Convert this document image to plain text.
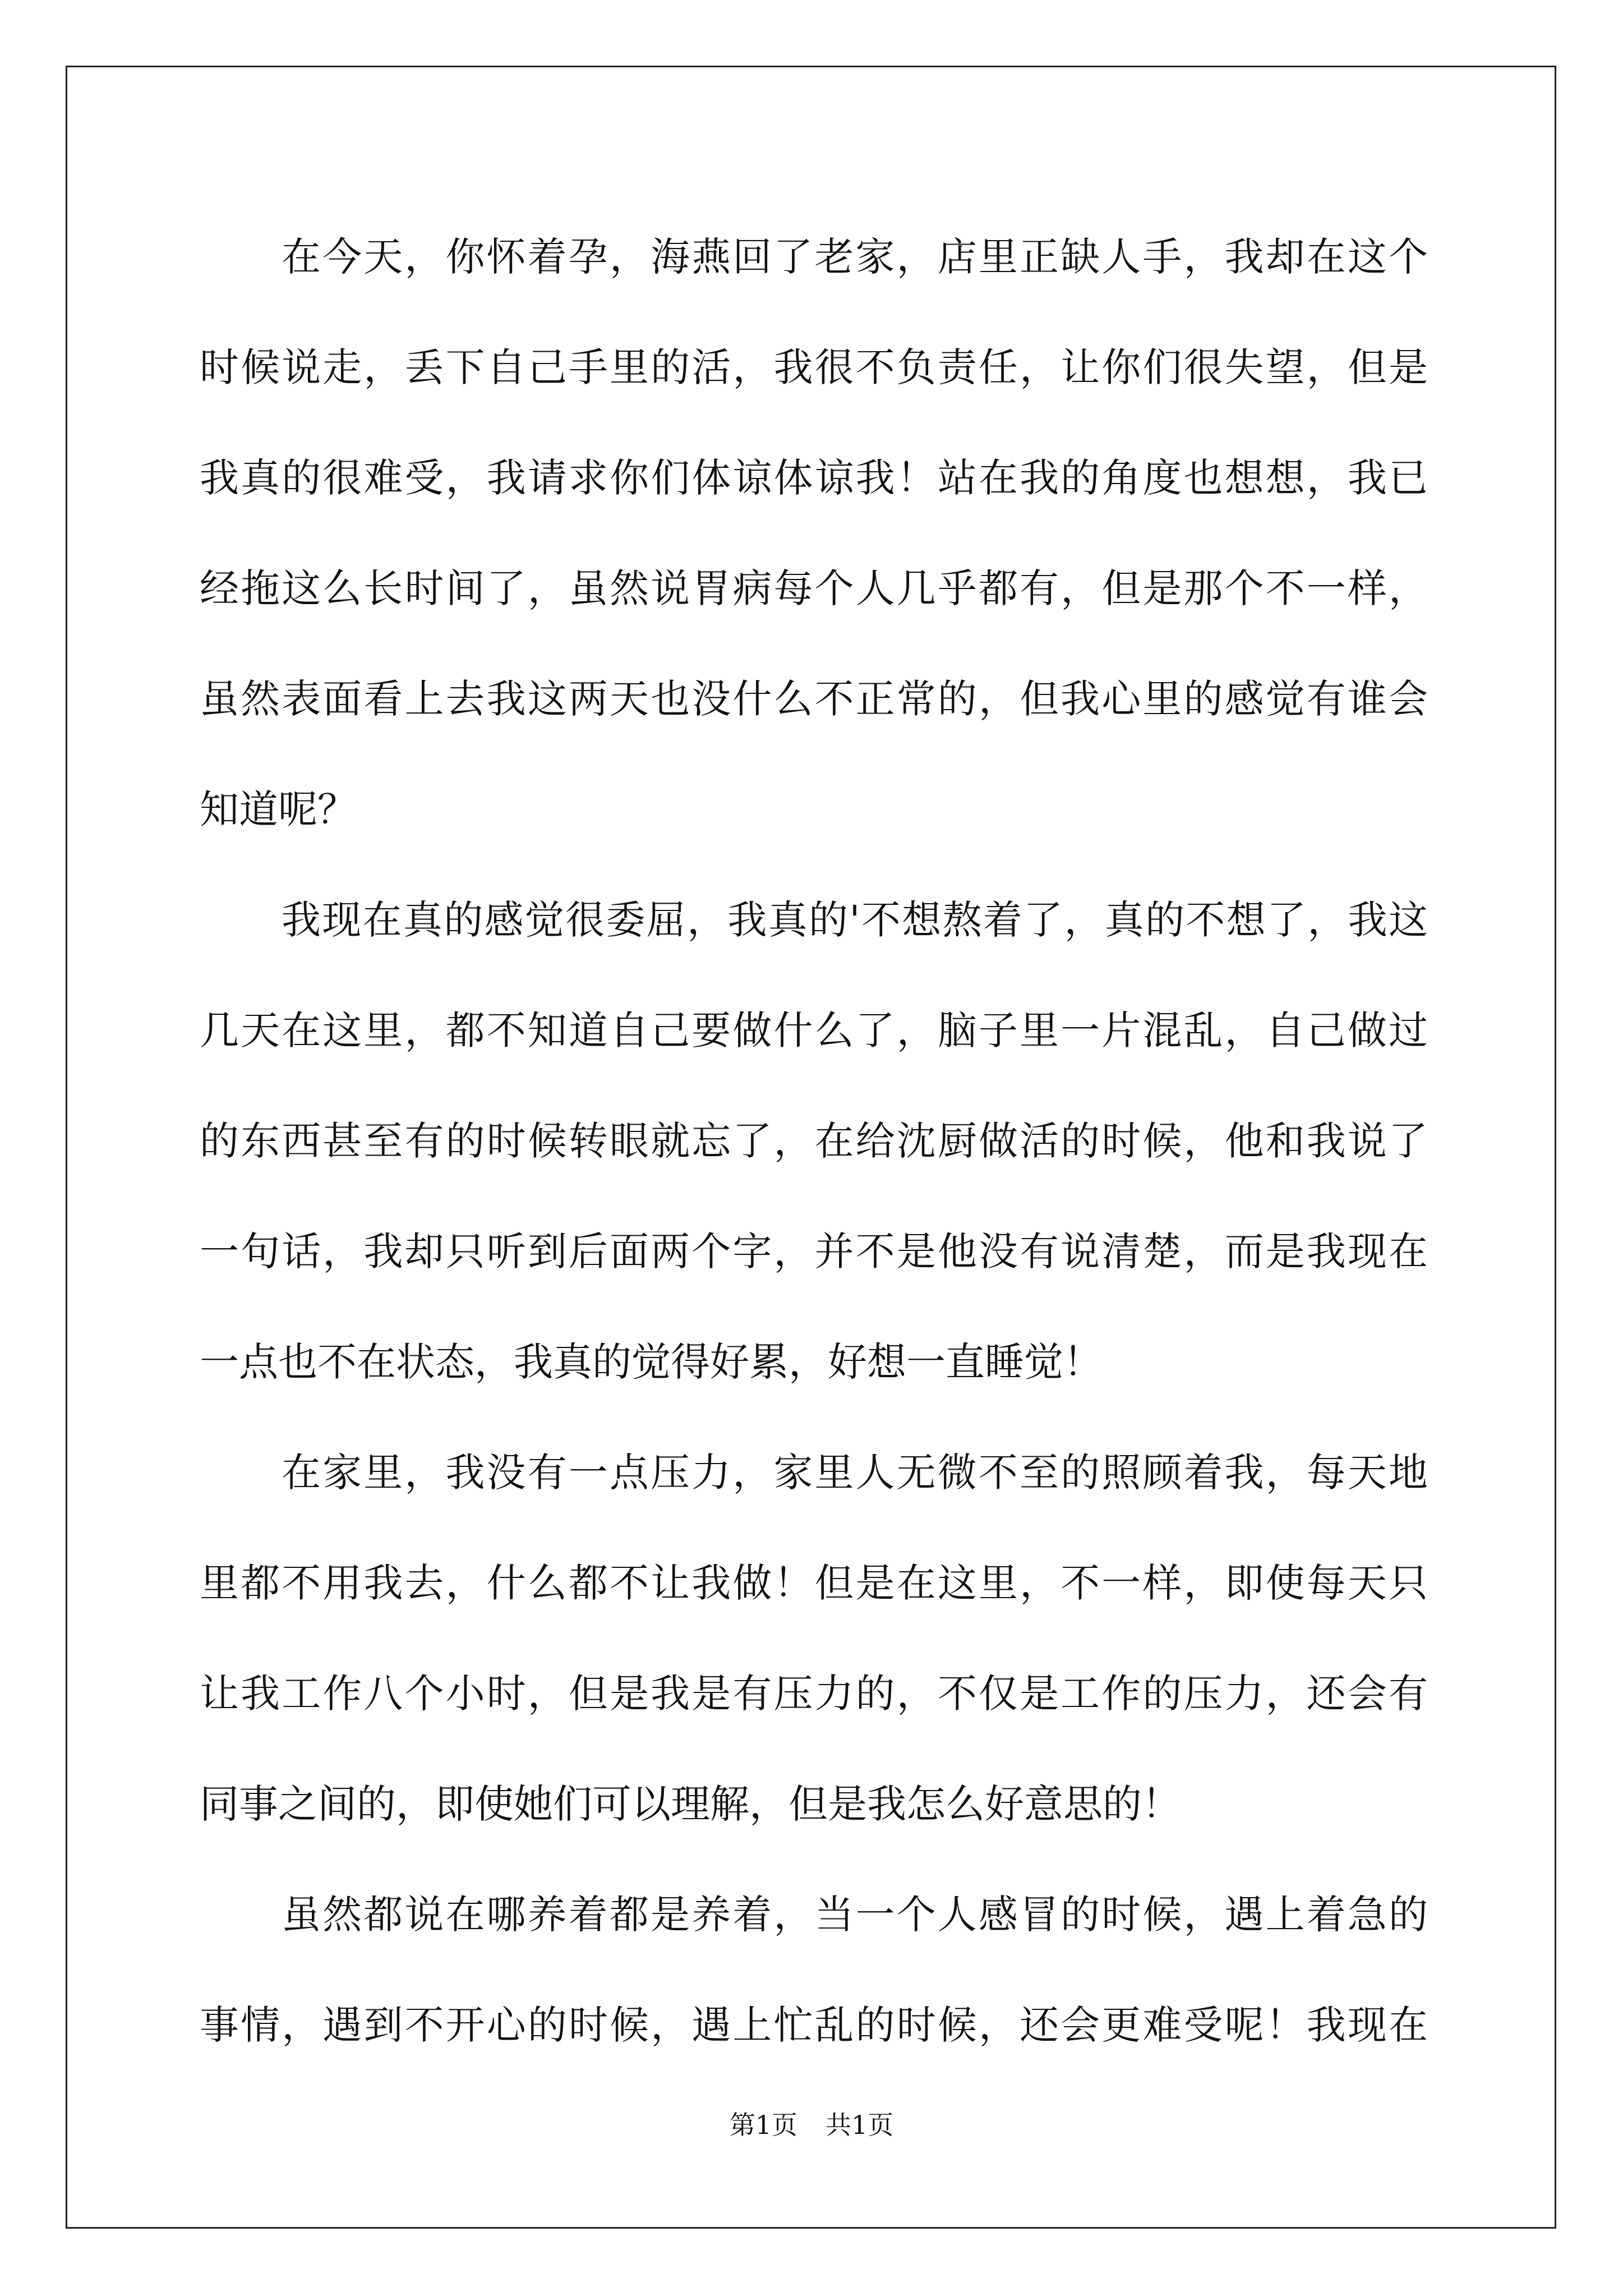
在今天，你怀着孕，海燕回了老家，店里正缺人手，我却在这个
时候说走，丢下自己手里的活，我很不负责任，让你们很失望，但是
我真的很难受，我请求你们体谅体谅我！站在我的角度也想想，我已
经拖这么长时间了，虽然说胃病每个人几乎都有，但是那个不一样，
虽然表面看上去我这两天也没什么不正常的，但我心里的感觉有谁会
知道呢？
我现在真的感觉很委屈，我真的'不想熬着了，真的不想了，我这
几天在这里，都不知道自己要做什么了，脑子里一片混乱，自己做过
的东西甚至有的时候转眼就忘了，在给沈厨做活的时候，他和我说了
一句话，我却只听到后面两个字，并不是他没有说清楚，而是我现在
一点也不在状态，我真的觉得好累，好想一直睡觉！
在家里，我没有一点压力，家里人无微不至的照顾着我，每天地
里都不用我去，什么都不让我做！但是在这里，不一样，即使每天只
让我工作八个小时，但是我是有压力的，不仅是工作的压力，还会有
同事之间的，即使她们可以理解，但是我怎么好意思的！
虽然都说在哪养着都是养着，当一个人感冒的时候，遇上着急的
事情，遇到不开心的时候，遇上忙乱的时候，还会更难受呢！我现在
第1页 共1页
